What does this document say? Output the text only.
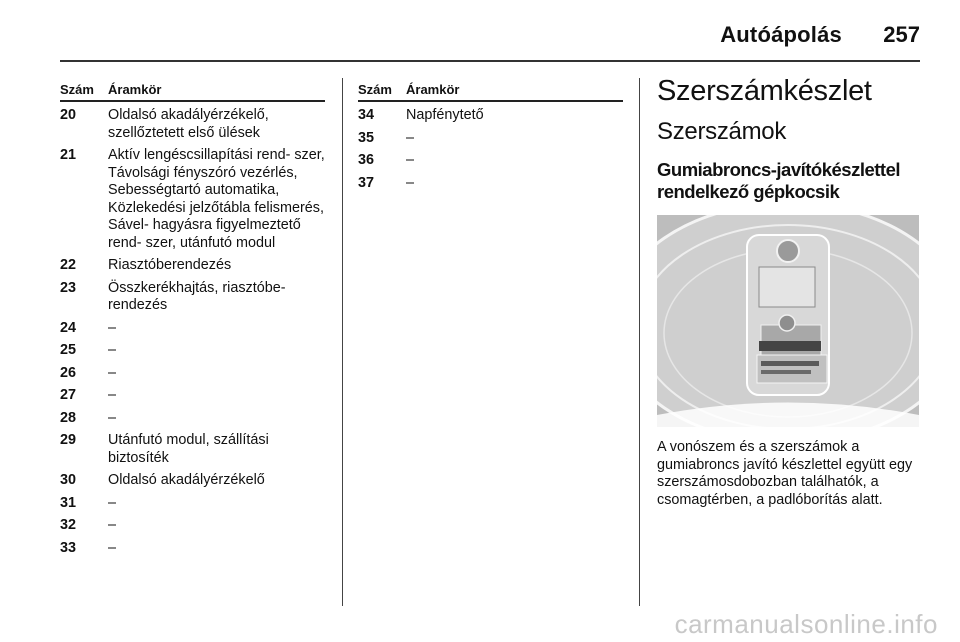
Autóápolás 257
Szám	Áramkör
20	Oldalsó akadályérzékelő, szellőztetett első ülések
21	Aktív lengéscsillapítási rend- szer, Távolsági fényszóró vezérlés, Sebességtartó automatika, Közlekedési jelzőtábla felismerés, Sável- hagyásra figyelmeztető rend- szer, utánfutó modul
22	Riasztóberendezés
23	Összkerékhajtás, riasztóbe- rendezés
24	–
25	–
26	–
27	–
28	–
29	Utánfutó modul, szállítási biztosíték
30	Oldalsó akadályérzékelő
31	–
32	–
33	–
Szám	Áramkör
34	Napfénytető
35	–
36	–
37	–
Szerszámkészlet
Szerszámok
Gumiabroncs-javítókészlettel rendelkező gépkocsik
A vonószem és a szerszámok a gumiabroncs javító készlettel együtt egy szerszámosdobozban találhatók, a csomagtérben, a padlóborítás alatt.
carmanualsonline.info
